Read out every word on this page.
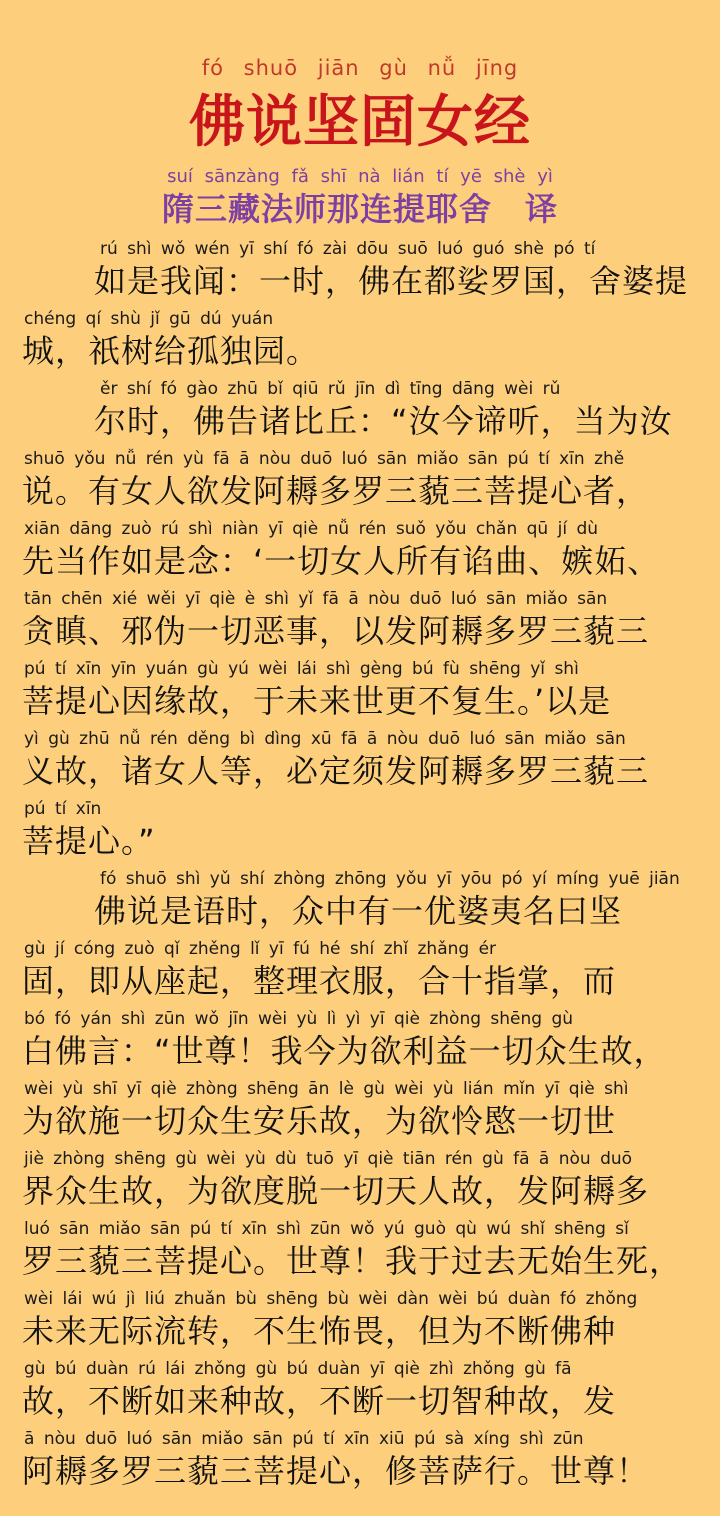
fó shuō jiān gù nǚ jīng
佛说坚固女经
suí sānzàng fǎ shī nà lián tí yē shè yì
隋三藏法师那连提耶舍　译
rú shì wǒ wén yī shí fó zài dōu suō luó guó shè pó tí
如是我闻：一时，佛在都娑罗国，舍婆提
chéng qí shù jǐ gū dú yuán
城，祇树给孤独园。
ěr shí fó gào zhū bǐ qiū rǔ jīn dì tīng dāng wèi rǔ
尔时，佛告诸比丘：“汝今谛听，当为汝
shuō yǒu nǚ rén yù fā ā nòu duō luó sān miǎo sān pú tí xīn zhě
说。有女人欲发阿耨多罗三藐三菩提心者，
xiān dāng zuò rú shì niàn yī qiè nǚ rén suǒ yǒu chǎn qū jí dù
先当作如是念：‘一切女人所有谄曲、嫉妬、
tān chēn xié wěi yī qiè è shì yǐ fā ā nòu duō luó sān miǎo sān
贪瞋、邪伪一切恶事，以发阿耨多罗三藐三
pú tí xīn yīn yuán gù yú wèi lái shì gèng bú fù shēng yǐ shì
菩提心因缘故，于未来世更不复生。’以是
yì gù zhū nǚ rén děng bì dìng xū fā ā nòu duō luó sān miǎo sān
义故，诸女人等，必定须发阿耨多罗三藐三
pú tí xīn
菩提心。”
fó shuō shì yǔ shí zhòng zhōng yǒu yī yōu pó yí míng yuē jiān
佛说是语时，众中有一优婆夷名曰坚
gù jí cóng zuò qǐ zhěng lǐ yī fú hé shí zhǐ zhǎng ér
固，即从座起，整理衣服，合十指掌，而
bó fó yán shì zūn wǒ jīn wèi yù lì yì yī qiè zhòng shēng gù
白佛言：“世尊！我今为欲利益一切众生故，
wèi yù shī yī qiè zhòng shēng ān lè gù wèi yù lián mǐn yī qiè shì
为欲施一切众生安乐故，为欲怜愍一切世
jiè zhòng shēng gù wèi yù dù tuō yī qiè tiān rén gù fā ā nòu duō
界众生故，为欲度脱一切天人故，发阿耨多
luó sān miǎo sān pú tí xīn shì zūn wǒ yú guò qù wú shǐ shēng sǐ
罗三藐三菩提心。世尊！我于过去无始生死，
wèi lái wú jì liú zhuǎn bù shēng bù wèi dàn wèi bú duàn fó zhǒng
未来无际流转，不生怖畏，但为不断佛种
gù bú duàn rú lái zhǒng gù bú duàn yī qiè zhì zhǒng gù fā
故，不断如来种故，不断一切智种故，发
ā nòu duō luó sān miǎo sān pú tí xīn xiū pú sà xíng shì zūn
阿耨多罗三藐三菩提心，修菩萨行。世尊！
